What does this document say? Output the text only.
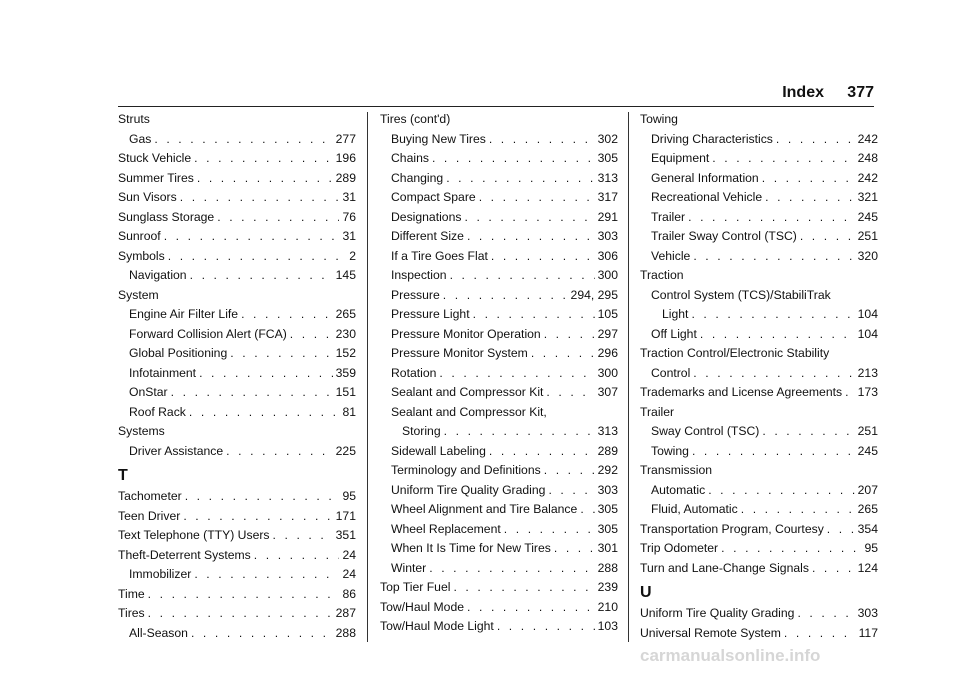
Index 377
Struts
Gas . . .	277
Stuck Vehicle . . .	196
Summer Tires . . .	289
Sun Visors . . .	31
Sunglass Storage . . .	76
Sunroof . . .	31
Symbols . . .	2
Navigation . . .	145
System
Engine Air Filter Life . . .	265
Forward Collision Alert (FCA) . . .	230
Global Positioning . . .	152
Infotainment . . .	359
OnStar . . .	151
Roof Rack . . .	81
Systems
Driver Assistance . . .	225
T
Tachometer . . .	95
Teen Driver . . .	171
Text Telephone (TTY) Users . . .	351
Theft-Deterrent Systems . . .	24
Immobilizer . . .	24
Time . . .	86
Tires . . .	287
All-Season . . .	288
Tires (cont'd)
Buying New Tires . . .	302
Chains . . .	305
Changing . . .	313
Compact Spare . . .	317
Designations . . .	291
Different Size . . .	303
If a Tire Goes Flat . . .	306
Inspection . . .	300
Pressure . . .	294, 295
Pressure Light . . .	105
Pressure Monitor Operation . . .	297
Pressure Monitor System . . .	296
Rotation . . .	300
Sealant and Compressor Kit . . .	307
Sealant and Compressor Kit,
Storing . . .	313
Sidewall Labeling . . .	289
Terminology and Definitions . . .	292
Uniform Tire Quality Grading . . .	303
Wheel Alignment and Tire Balance . . . 305
Wheel Replacement . . .	305
When It Is Time for New Tires . . .	301
Winter . . .	288
Top Tier Fuel . . .	239
Tow/Haul Mode . . .	210
Tow/Haul Mode Light . . .	103
Towing
Driving Characteristics . . .	242
Equipment . . .	248
General Information . . .	242
Recreational Vehicle . . .	321
Trailer . . .	245
Trailer Sway Control (TSC) . . .	251
Vehicle . . .	320
Traction
Control System (TCS)/StabiliTrak
Light . . .	104
Off Light . . .	104
Traction Control/Electronic Stability
Control . . .	213
Trademarks and License Agreements . . . 173
Trailer
Sway Control (TSC) . . .	251
Towing . . .	245
Transmission
Automatic . . .	207
Fluid, Automatic . . .	265
Transportation Program, Courtesy . . .	354
Trip Odometer . . .	95
Turn and Lane-Change Signals . . .	124
U
Uniform Tire Quality Grading . . .	303
Universal Remote System . . .	117
carmanualsonline.info
